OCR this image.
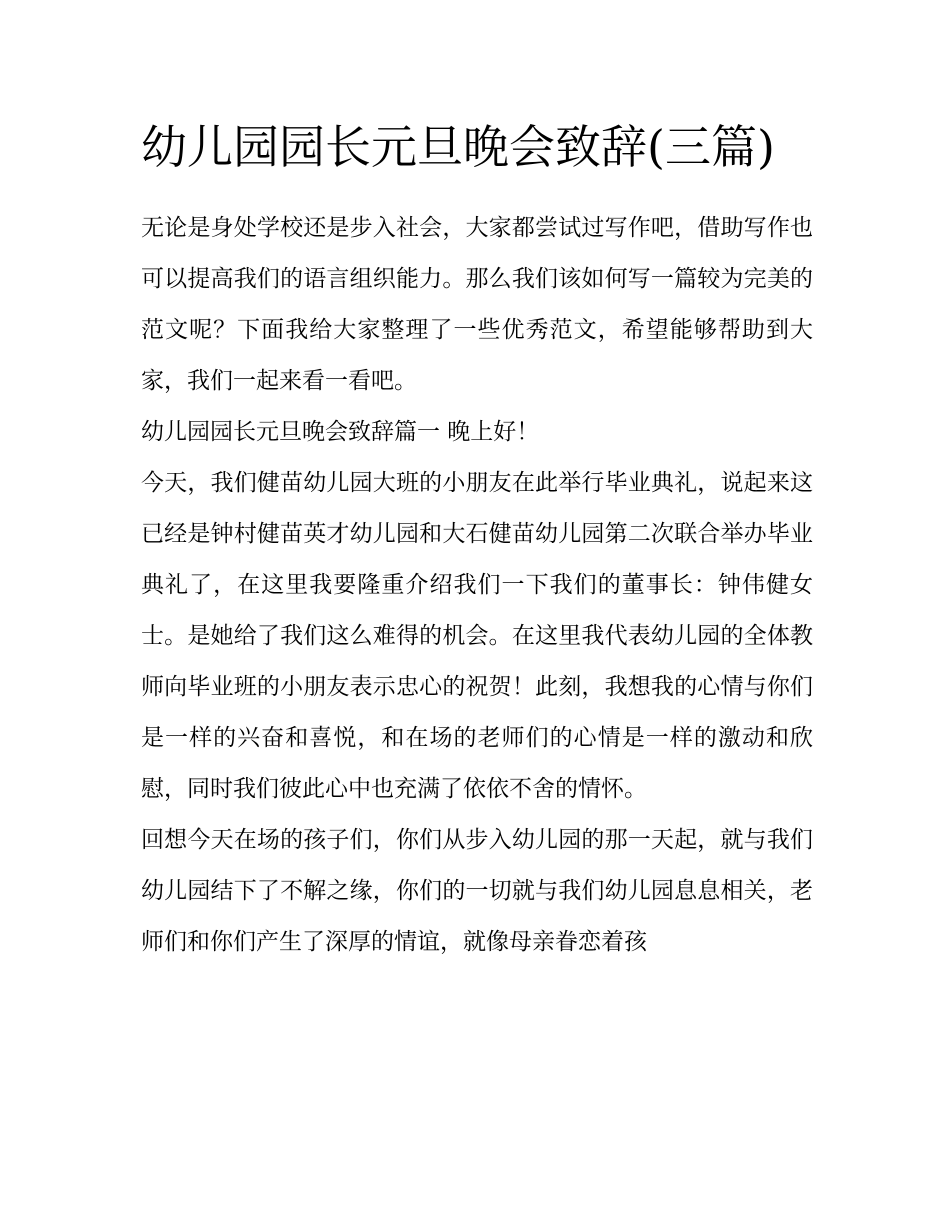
幼儿园园长元旦晚会致辞(三篇)

无论是身处学校还是步入社会，大家都尝试过写作吧，借助写作也可以提高我们的语言组织能力。那么我们该如何写一篇较为完美的范文呢？下面我给大家整理了一些优秀范文，希望能够帮助到大家，我们一起来看一看吧。

幼儿园园长元旦晚会致辞篇一 晚上好！

今天，我们健苗幼儿园大班的小朋友在此举行毕业典礼，说起来这已经是钟村健苗英才幼儿园和大石健苗幼儿园第二次联合举办毕业典礼了，在这里我要隆重介绍我们一下我们的董事长：钟伟健女士。是她给了我们这么难得的机会。在这里我代表幼儿园的全体教师向毕业班的小朋友表示忠心的祝贺！此刻，我想我的心情与你们是一样的兴奋和喜悦，和在场的老师们的心情是一样的激动和欣慰，同时我们彼此心中也充满了依依不舍的情怀。

回想今天在场的孩子们，你们从步入幼儿园的那一天起，就与我们幼儿园结下了不解之缘，你们的一切就与我们幼儿园息息相关，老师们和你们产生了深厚的情谊，就像母亲眷恋着孩
